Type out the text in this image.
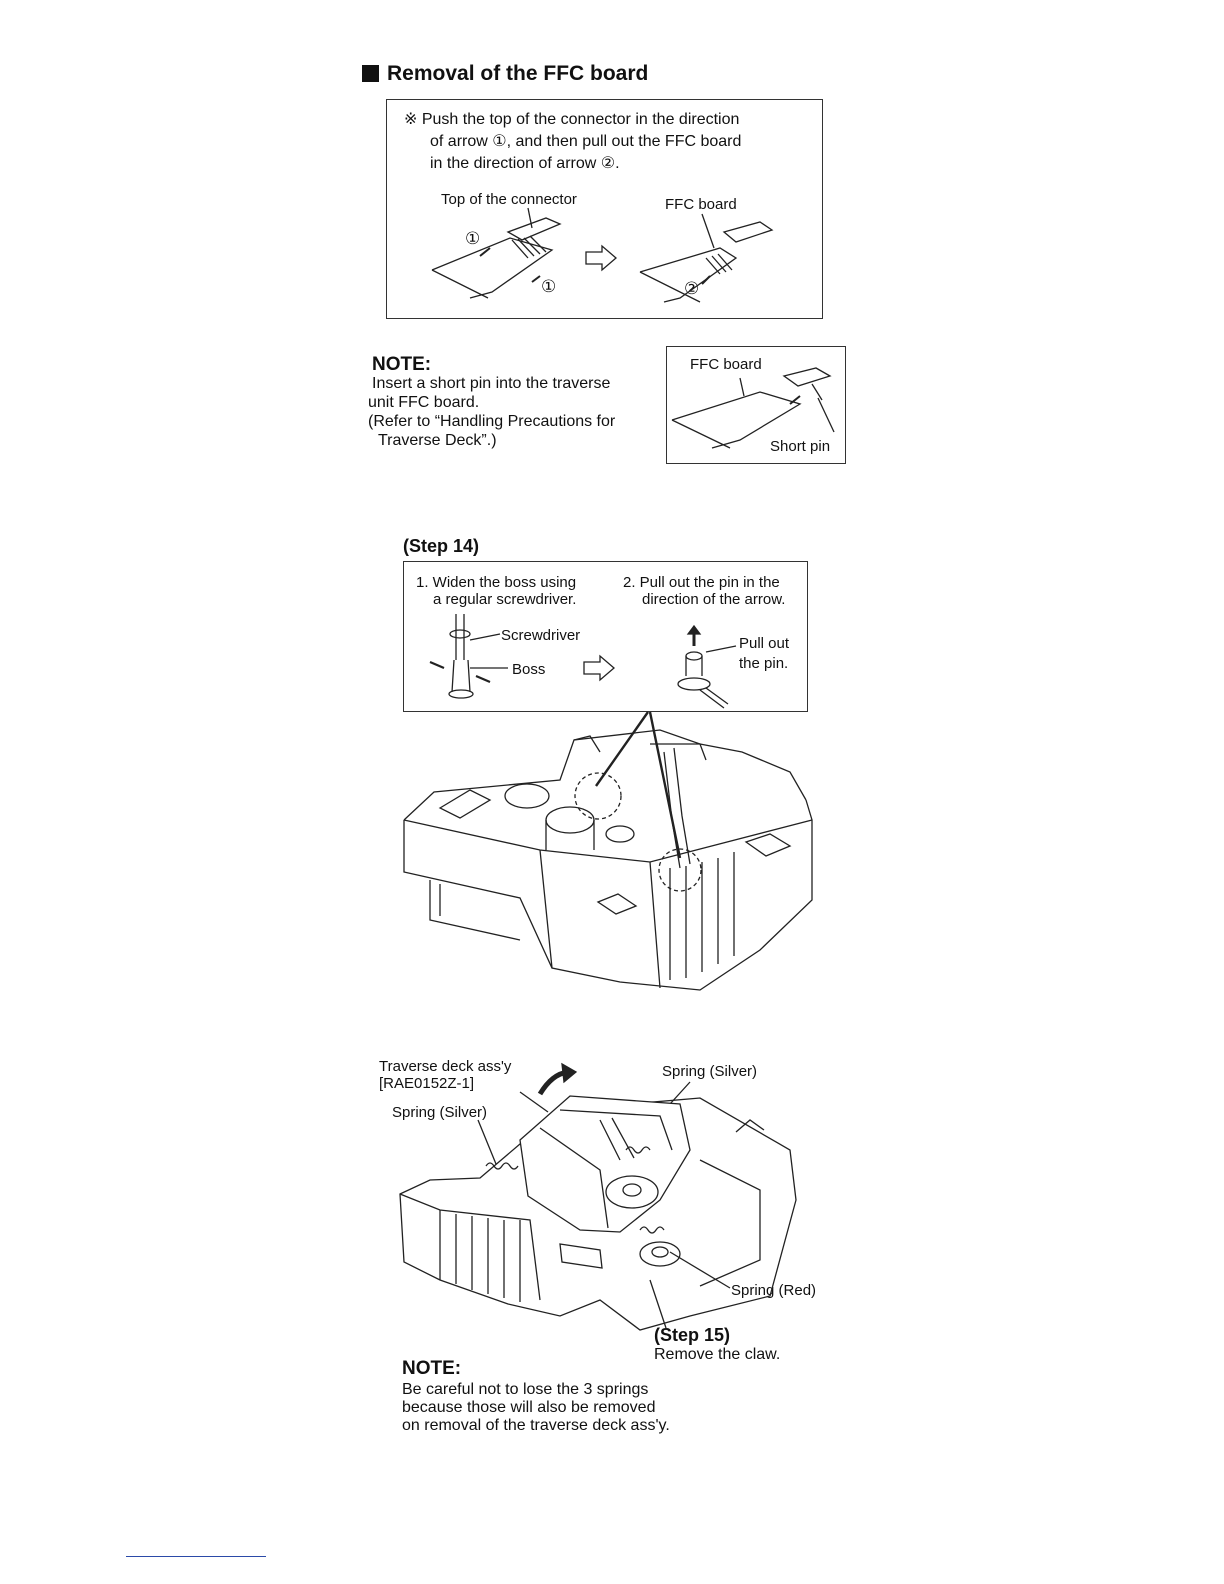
Removal of the FFC board
※ Push the top of the connector in the direction
of arrow ①, and then pull out the FFC board
in the direction of arrow ②.
Top of the connector	FFC board
①
①	②
NOTE:
Insert a short pin into the traverse
unit FFC board.
(Refer to “Handling Precautions for
Traverse Deck”.)
FFC board
Short pin
(Step 14)
1. Widen the boss using
a regular screwdriver.
2. Pull out the pin in the
direction of the arrow.
Screwdriver
Boss
Pull out
the pin.
Traverse deck ass'y
[RAE0152Z-1]
Spring (Silver)
Spring (Silver)
Spring (Red)
(Step 15)
Remove the claw.
NOTE:
Be careful not to lose the 3 springs
because those will also be removed
on removal of the traverse deck ass'y.
